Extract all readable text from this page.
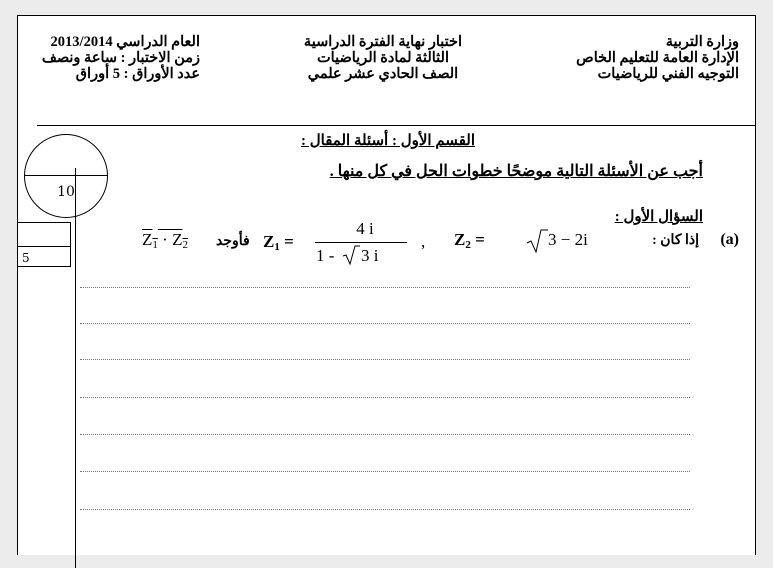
وزارة التربية
الإدارة العامة للتعليم الخاص
التوجيه الفني للرياضيات
اختبار نهاية الفترة الدراسية
الثالثة لمادة الرياضيات
الصف الحادي عشر علمي
العام الدراسي 2013/2014
زمن الاختبار : ساعة ونصف
عدد الأوراق : 5 أوراق
10
5
القسم الأول : أسئلة المقال :
أجب عن الأسئلة التالية موضحًا خطوات الحل في كل منها .
السؤال الأول :
(a)
إذا كان :
$Z_2$ =	3 − 2i
,
$Z_1$ =
4 i
1 - 3 i
فأوجد
Z1 · Z2
